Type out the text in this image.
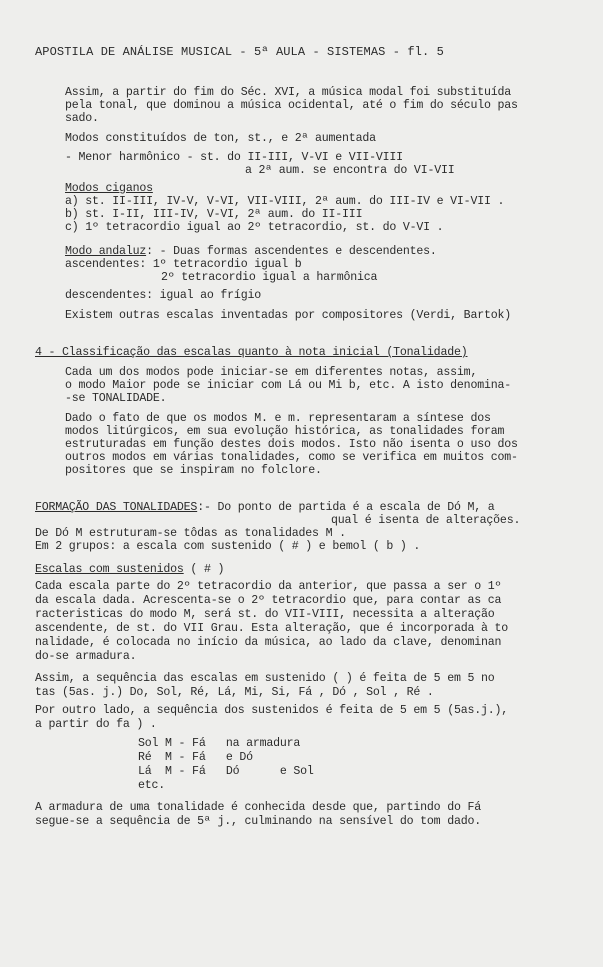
APOSTILA DE ANÁLISE MUSICAL - 5ª AULA - SISTEMAS - fl. 5
Assim, a partir do fim do Séc. XVI, a música modal foi substituída
pela tonal, que dominou a música ocidental, até o fim do século pas
sado.
Modos constituídos de ton, st., e 2ª aumentada
- Menor harmônico - st. do II-III, V-VI e VII-VIII
a 2ª aum. se encontra do VI-VII
Modos ciganos
a) st. II-III, IV-V, V-VI, VII-VIII, 2ª aum. do III-IV e VI-VII .
b) st. I-II, III-IV, V-VI, 2ª aum. do II-III
c) 1º tetracordio igual ao 2º tetracordio, st. do V-VI .
Modo andaluz: - Duas formas ascendentes e descendentes.
ascendentes: 1º tetracordio igual b
2º tetracordio igual a harmônica
descendentes: igual ao frígio
Existem outras escalas inventadas por compositores (Verdi, Bartok)
4 - Classificação das escalas quanto à nota inicial (Tonalidade)
Cada um dos modos pode iniciar-se em diferentes notas, assim,
o modo Maior pode se iniciar com Lá ou Mi b, etc. A isto denomina-
-se TONALIDADE.
Dado o fato de que os modos M. e m. representaram a síntese dos
modos litúrgicos, em sua evolução histórica, as tonalidades foram
estruturadas em função destes dois modos. Isto não isenta o uso dos
outros modos em várias tonalidades, como se verifica em muitos com-
positores que se inspiram no folclore.
FORMAÇÃO DAS TONALIDADES:- Do ponto de partida é a escala de Dó M, a
qual é isenta de alterações.
De Dó M estruturam-se tôdas as tonalidades M .
Em 2 grupos: a escala com sustenido ( # ) e bemol ( b ) .
Escalas com sustenidos ( # )
Cada escala parte do 2º tetracordio da anterior, que passa a ser o 1º
da escala dada. Acrescenta-se o 2º tetracordio que, para contar as ca
racteristicas do modo M, será st. do VII-VIII, necessita a alteração
ascendente, de st. do VII Grau. Esta alteração, que é incorporada à to
nalidade, é colocada no início da música, ao lado da clave, denominan
do-se armadura.
Assim, a sequência das escalas em sustenido ( ) é feita de 5 em 5 no
tas (5as. j.) Do, Sol, Ré, Lá, Mi, Si, Fá , Dó , Sol , Ré .
Por outro lado, a sequência dos sustenidos é feita de 5 em 5 (5as.j.),
a partir do fa ) .
Sol M - Fá   na armadura
Ré  M - Fá   e Dó
Lá  M - Fá   Dó      e Sol
etc.
A armadura de uma tonalidade é conhecida desde que, partindo do Fá
segue-se a sequência de 5ª j., culminando na sensível do tom dado.
